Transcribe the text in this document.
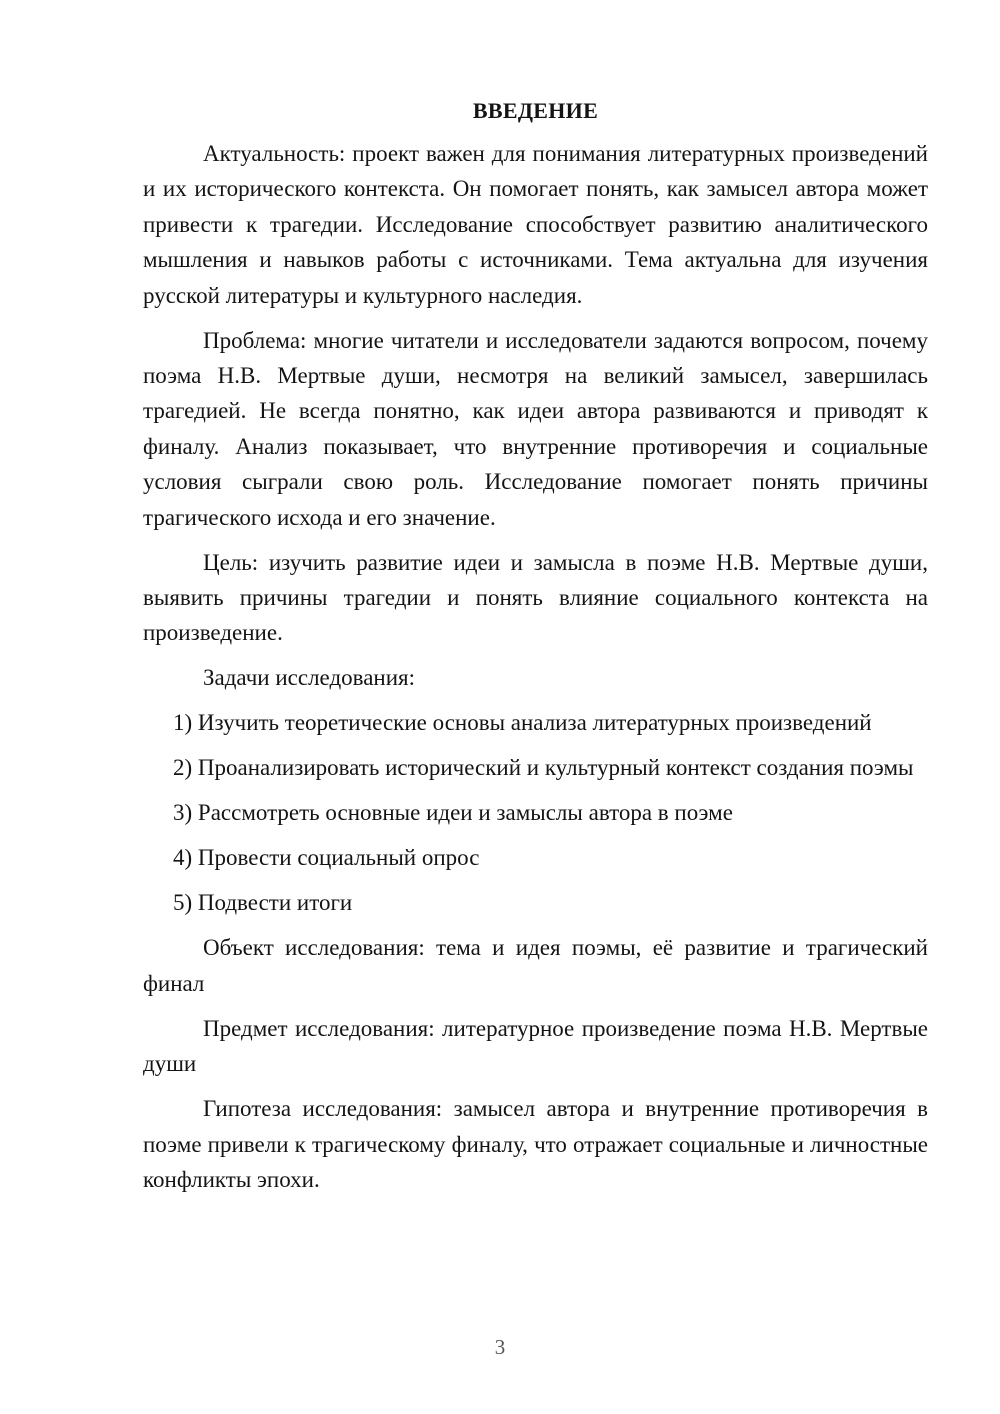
ВВЕДЕНИЕ

Актуальность: проект важен для понимания литературных произведений и их исторического контекста. Он помогает понять, как замысел автора может привести к трагедии. Исследование способствует развитию аналитического мышления и навыков работы с источниками. Тема актуальна для изучения русской литературы и культурного наследия.

Проблема: многие читатели и исследователи задаются вопросом, почему поэма Н.В. Мертвые души, несмотря на великий замысел, завершилась трагедией. Не всегда понятно, как идеи автора развиваются и приводят к финалу. Анализ показывает, что внутренние противоречия и социальные условия сыграли свою роль. Исследование помогает понять причины трагического исхода и его значение.

Цель: изучить развитие идеи и замысла в поэме Н.В. Мертвые души, выявить причины трагедии и понять влияние социального контекста на произведение.

Задачи исследования:

1) Изучить теоретические основы анализа литературных произведений

2) Проанализировать исторический и культурный контекст создания поэмы

3) Рассмотреть основные идеи и замыслы автора в поэме

4) Провести социальный опрос

5) Подвести итоги

Объект исследования: тема и идея поэмы, её развитие и трагический финал

Предмет исследования: литературное произведение поэма Н.В. Мертвые души

Гипотеза исследования: замысел автора и внутренние противоречия в поэме привели к трагическому финалу, что отражает социальные и личностные конфликты эпохи.

3
